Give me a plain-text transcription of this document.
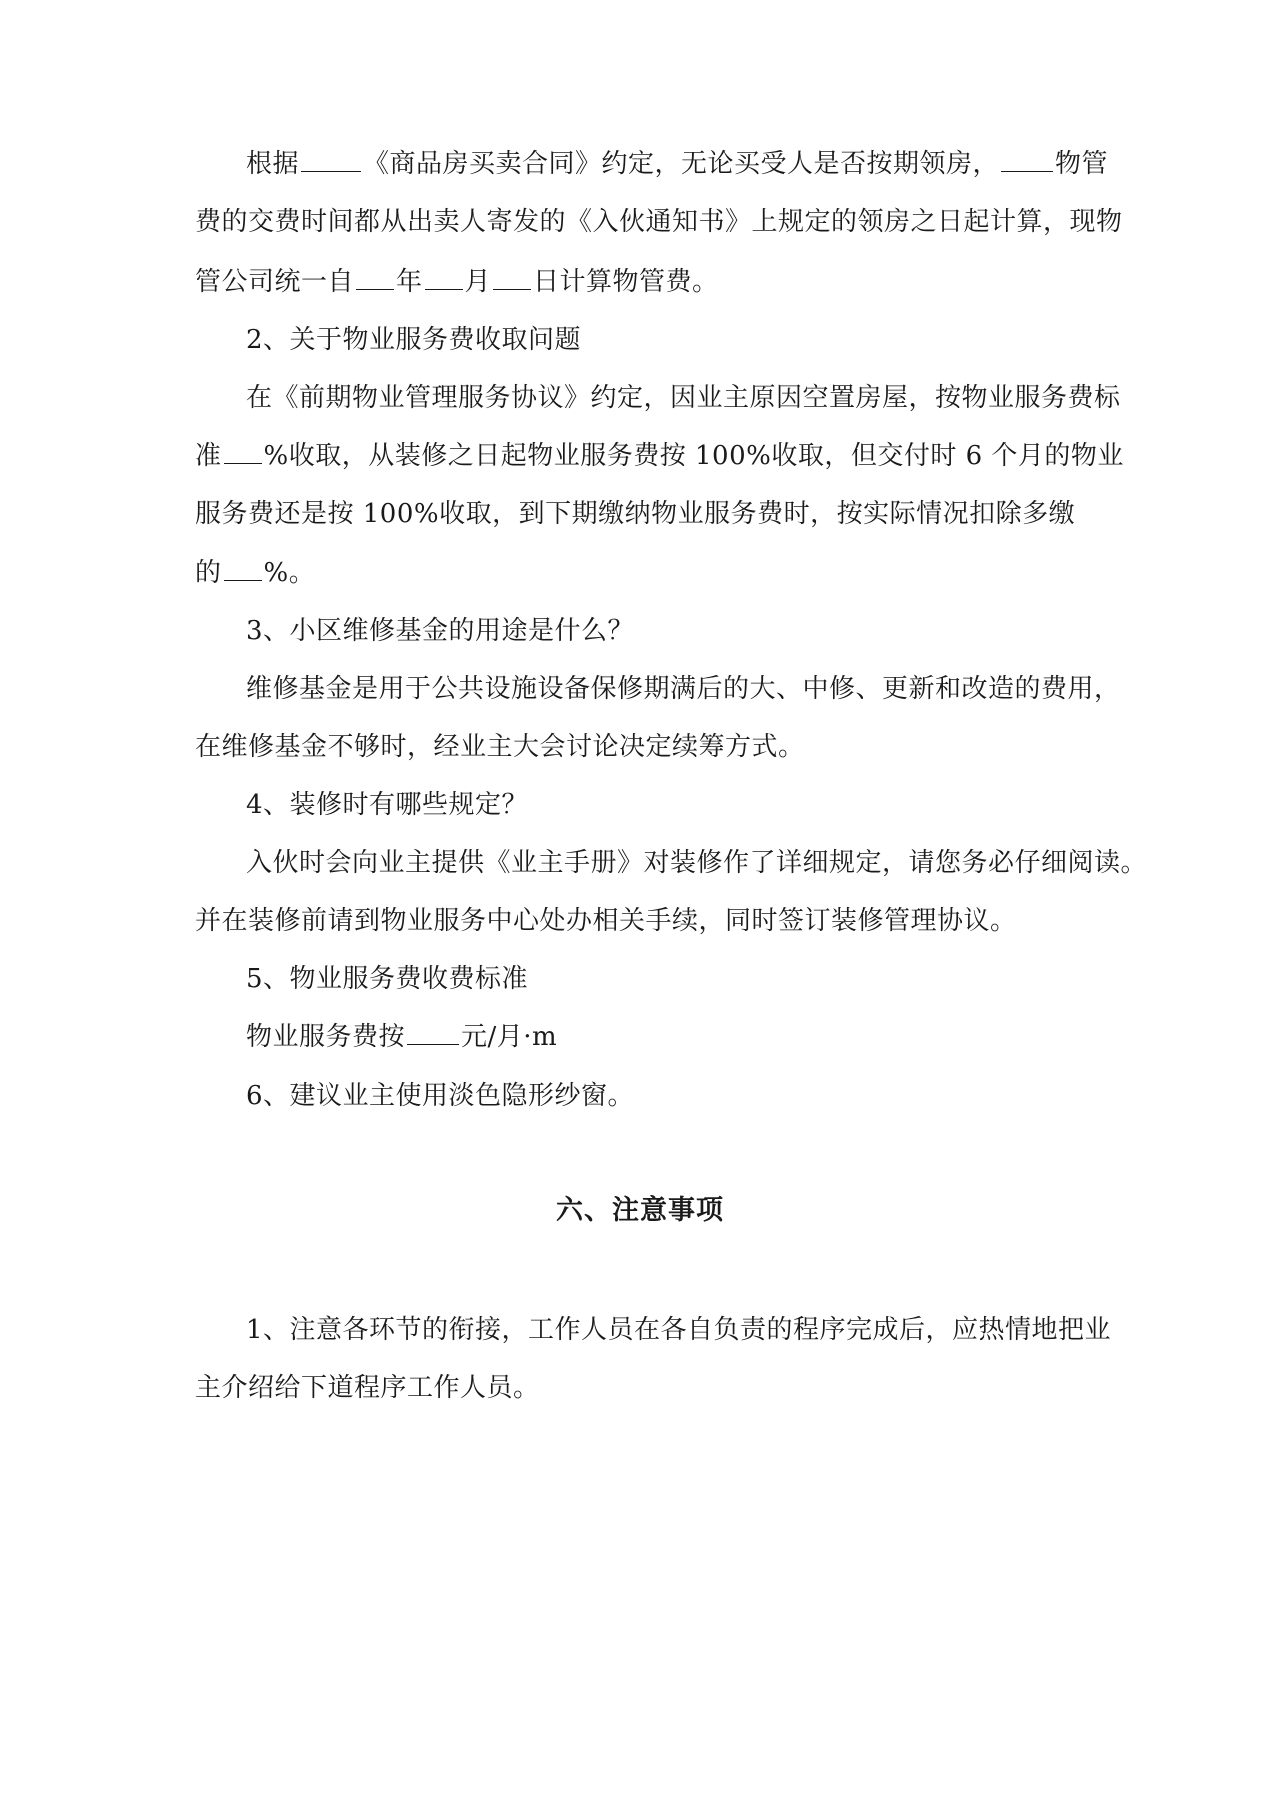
根据 《商品房买卖合同》约定，无论买受人是否按期领房， 物管
费的交费时间都从出卖人寄发的《入伙通知书》上规定的领房之日起计算，现物
管公司统一自 年 月 日计算物管费。
2、关于物业服务费收取问题
在《前期物业管理服务协议》约定，因业主原因空置房屋，按物业服务费标
准 %收取，从装修之日起物业服务费按 100%收取，但交付时 6 个月的物业
服务费还是按 100%收取，到下期缴纳物业服务费时，按实际情况扣除多缴
的 %。
3、小区维修基金的用途是什么？
维修基金是用于公共设施设备保修期满后的大、中修、更新和改造的费用，
在维修基金不够时，经业主大会讨论决定续筹方式。
4、装修时有哪些规定？
入伙时会向业主提供《业主手册》对装修作了详细规定，请您务必仔细阅读。
并在装修前请到物业服务中心处办相关手续，同时签订装修管理协议。
5、物业服务费收费标准
物业服务费按 元/月·m
6、建议业主使用淡色隐形纱窗。
六、注意事项
1、注意各环节的衔接，工作人员在各自负责的程序完成后，应热情地把业
主介绍给下道程序工作人员。
